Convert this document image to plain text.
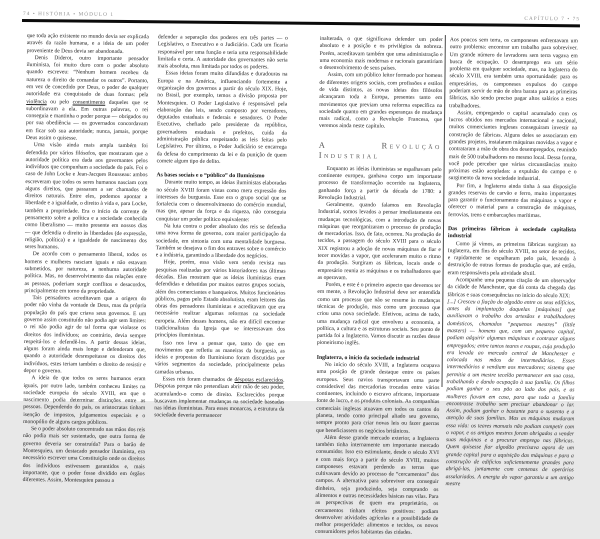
74 • HISTÓRIA • MÓDULO 1
CAPÍTULO 7 • 75

que toda ação existente no mundo devia ser explicada através da razão humana, e a ideia de um poder proveniente de Deus devia ser abandonada.

Denis Diderot, outro importante pensador iluminista, foi muito duro com o poder absoluto quando escreveu: “Nenhum homem recebeu da natureza o direito de comandar os outros”. Portanto, em vez de concedido por Deus, o poder de qualquer autoridade era conquistado de duas formas: pela violência ou pelo consentimento daqueles que se subordinavam a ela. Em outras palavras, o rei conseguia e mantinha o poder porque — obrigados ou por sua obediência — os governados concordavam em ficar sob sua autoridade; nunca, jamais, porque Deus assim o quisesse.

Uma visão ainda mais ampla também foi defendida por vários filósofos, que mostraram que a autoridade política era dada aos governantes pelos indivíduos que compunham a sociedade do país. Foi o caso de John Locke e Jean-Jacques Rousseau: ambos escreveram que todos os seres humanos nasciam com alguns direitos, que passaram a ser chamados de direitos naturais. Entre eles, podemos apontar a liberdade e a igualdade, o direito à vida e, para Locke, também a propriedade. Era o início da corrente de pensamento sobre a política e a sociedade conhecida como liberalismo — muito presente em nossos dias — que defendia o direito às liberdades (de expressão, religião, política) e a igualdade de nascimento dos seres humanos.

De acordo com o pensamento liberal, todos os homens e mulheres nasciam iguais e não estavam submetidos, por natureza, a nenhuma autoridade política. Mas, no desenvolvimento das relações entre as pessoas, poderiam surgir conflitos e desacordos, principalmente em torno da propriedade.

Tais pensadores acreditavam que a origem do poder não vinha da vontade de Deus, mas da própria população do país que criava seus governos. E um governo assim constituído não podia agir sem limites: o rei não podia agir de tal forma que violasse os direitos dos indivíduos; ao contrário, devia sempre respeitá-los e defendê-los. A partir dessas ideias, alguns foram ainda mais longe e defenderam que, quando a autoridade desrespeitasse os direitos dos indivíduos, estes teriam também o direito de resistir e depor o governo.

A ideia de que todos os seres humanos eram iguais, por outro lado, também conheceu limites na sociedade europeia do século XVIII, em que o nascimento podia determinar distinções entre as pessoas. Dependendo do país, os aristocratas tinham isenção de impostos, julgamentos especiais e o monopólio de alguns cargos públicos.

Se o poder absoluto concentrado nas mãos dos reis não podia mais ser sustentado, que outra forma de governo deveria ser construída? Para o barão de Montesquieu, um destacado pensador iluminista, era necessário escrever uma Constituição onde os direitos dos indivíduos estivessem garantidos e, mais importante, que o poder fosse dividido em órgãos diferentes. Assim, Montesquieu passou a

defender a separação dos poderes em três partes — o Legislativo, o Executivo e o Judiciário. Cada um ficaria responsável por uma função e teria uma responsabilidade limitada e certa. A autoridade dos governantes não seria mais absoluta, mas limitada por todos os poderes.

Essas ideias foram muito difundidas e duradouras na Europa e na América, influenciando fortemente a organização dos governos a partir do século XIX. Hoje, no Brasil, por exemplo, temos a divisão proposta por Montesquieu. O Poder Legislativo é responsável pela elaboração das leis, sendo composto por vereadores, deputados estaduais e federais e senadores. O Poder Executivo, chefiado pelo presidente da república, governadores estaduais e prefeitos, cuida da administração pública respeitando as leis feitas pelo Legislativo. Por último, o Poder Judiciário se encarrega da defesa do cumprimento da lei e da punição de quem comete algum tipo de delito.

As bases sociais e o “público” do Iluminismo

Durante muito tempo, as ideias iluministas elaboradas no século XVIII foram vistas como mera expressão dos interesses da burguesia. Esse era o grupo social que se fortalecia com o desenvolvimento do comércio mundial, mas que, apesar da força e da riqueza, não conseguia conquistar um poder político equivalente:

Na luta contra o poder absoluto dos reis se defendia uma nova forma de governo, com maior participação da sociedade, em sintonia com uma mentalidade burguesa. Também se desejava o fim dos entraves sobre o comércio e a indústria, garantindo a liberdade dos negócios.

Hoje, porém, essa visão vem sendo revista nas pesquisas realizadas por vários historiadores nas últimas décadas. Elas mostram que as ideias iluministas eram defendidas e debatidas por muitos outros grupos sociais, além dos comerciantes e banqueiros. Muitos funcionários públicos, pagos pelo Estado absolutista, eram leitores das obras dos pensadores iluministas e acreditavam que era necessário realizar algumas reformas na sociedade europeia. Além desses homens, não era difícil encontrar tradicionalistas da Igreja que se interessavam dos princípios iluministas.

Isso nos leva a pensar que, tanto do que em movimentos que refletiu as maneiras da burguesia, as ideias e propostas do Iluminismo foram discutidas por vários segmentos da sociedade, principalmente pelas camadas urbanas.

Esses reis foram chamados de déspotas esclarecidos. Déspotas porque não pretendiam abrir mão de seu poder, acumulando-o como de direito. Esclarecidos porque buscavam implementar mudanças na sociedade baseadas nas ideias iluministas. Para esses monarcas, a estrutura da sociedade deveria permanecer

inalterada, o que significava defender um poder absoluto e a posição e os privilégios da nobreza. Porém, acreditavam também que uma administração e uma economia mais modernas e racionais garantiriam o desenvolvimento de seus países.

Assim, com um público leitor formado por homens de diferentes origens sociais, com profissões e estilos de vida distintos, as novas ideias dos filósofos alcançaram toda a Europa, presentes tanto em movimentos que previam uma reforma específica na sociedade quanto em grandes esperanças de mudança mais radical, como a Revolução Francesa, que veremos ainda neste capítulo.

A Revolução Industrial

Enquanto as ideias iluministas se espalhavam pelo continente europeu, ganhava corpo um importante processo de transformação ocorrido na Inglaterra, ganhando força a partir da década de 1780: a Revolução Industrial.

Geralmente, quando falamos em Revolução Industrial, somos levados a pensar imediatamente em mudanças tecnológicas, com a introdução de novas máquinas que reorganizaram o processo de produção de mercadorias. Isso, de fato, ocorreu. Na produção de tecidos, a passagem do século XVIII para o século XIX registrou a adoção de novas máquinas de fiar e tecer movidas a vapor, que aceleraram muito o ritmo da produção. Surgiram as fábricas, locais onde o empresário reunia as máquinas e os trabalhadores que as operavam.

Porém, e este é o primeiro aspecto que devemos ter em mente, a Revolução Industrial deve ser entendida como um processo que não se resume às mudanças técnicas de produção, mas como um processo que criou uma nova sociedade. Efetivou, acima de tudo, uma mudança radical que envolveu a economia, a política, a cultura e as estruturas sociais. Seu ponto de partida foi a Inglaterra. Vamos discutir as razões desse pioneirismo inglês.

Inglaterra, o início da sociedade industrial

No início do século XVIII, a Inglaterra ocupava uma posição de grande destaque entre os países europeus. Seus navios transportavam uma parte considerável das mercadorias trocadas entre vários continentes, incluindo o escravo africano, importante fonte de lucro, e os produtos coloniais. As companhias comerciais inglesas atuavam em todos os cantos do planeta, tendo como principal aliado seu governo, sempre pronto para criar novas leis ou fazer guerras que beneficiassem os negócios britânicos.

Além desse grande mercado exterior, a Inglaterra também tinha internamente um importante mercado consumidor. Isso era estimulante, desde o século XVI e com mais força a partir do século XVIII, muitos camponeses estavam perdendo as terras que cultivavam devido ao processo de “cercamentos” dos campos. A alternativa para sobreviver era conseguir dinheiro, seja produzindo, seja comprando os alimentos e outras necessidades básicas nas vilas. Para as perspectivas de quem era proprietário, os cercamentos tinham efeitos positivos: podiam desenvolver atividades agrícolas e a possibilidade de melhor prosperidade: alimentos e tecidos, os novos consumidores pelos habitantes das cidades.

Aos poucos sem terra, os camponeses enfrentavam um outro problema: encontrar um trabalho para sobreviver. Um grande número de lavradores sem terra vagava em busca de ocupação. O desemprego era um sério problema em qualquer sociedade, mas, na Inglaterra do século XVIII, era também uma oportunidade: para os empresários, os camponeses expulsos do campo poderiam servir de mão de obra barata para as primeiras fábricas, não sendo preciso pagar altos salários a esses trabalhadores.

Assim, empregando o capital acumulado com os lucros obtidos nos mercados internacional e nacional, muitos comerciantes ingleses conseguiram investir na construção de fábricas. Alguns deles se associaram em grandes projetos, instalaram máquinas movidas a vapor e contrataram a mão de obra dos desempregados, reunindo mais de 500 trabalhadores no mesmo local. Dessa forma, você pode perceber que várias circunstâncias muito próximas estão acopladas: a expulsão do campo e o surgimento da nova sociedade industrial.

Por fim, a Inglaterra ainda tinha à sua disposição grandes reservas de carvão e ferro, muito importantes para garantir o funcionamento das máquinas a vapor e oferecer o material para a construção de máquinas, ferrovias, trens e embarcações marítimas.

Das primeiras fábricas à sociedade capitalista industrial

Como já vimos, as primeiras fábricas surgiram na Inglaterra, em fins do século XVIII, no setor de tecidos, e rapidamente se espalharam pelo país, levando à destruição de outras formas de produção que, até então, eram responsáveis pela atividade têxtil.

Acompanhe uma pequena citação de um observador da cidade de Manchester, que dá conta da chegada das fábricas e suas consequências no início do século XIX:

[...] Cresceu a fiação do algodão entre os seus edifícios, antes da implantação daquelas [máquinas] que auxiliavam o trabalho dos artesãos e trabalhadores domésticos, chamados “pequenos mestres” (little masters) — homens que, com um pequeno capital, podiam adquirir algumas máquinas e contratar alguns empregados; entre tantos teares e roupas, cuja produção era levada ao mercado central de Manchester e colocada nas mãos de intermediários. Esses intermediários a vendiam aos mercadores; sistema que permitia a um mestre tecelão permanecer em sua casa, trabalhando e dando ocupação à sua família. Os filhos podiam ganhar o seu pão ao lado dos pais, e as mulheres fiavam em casa, para que toda a família encontrasse trabalho sem precisar abandonar o lar. Assim, podiam ganhar o bastante para o sustento e a atenção de suas famílias. Mas as máquinas mudaram essa vida: os teares manuais não podiam competir com o vapor, e os antigos mestres foram obrigados a vender suas máquinas e a procurar emprego nas fábricas. Quem quisesse fiar algodão precisava agora de um grande capital para a aquisição das máquinas e para a construção de edifícios suficientemente grandes para abrigá-las, juntamente com centenas de operários assalariados. A energia do vapor garantiu a um antigo mestre
